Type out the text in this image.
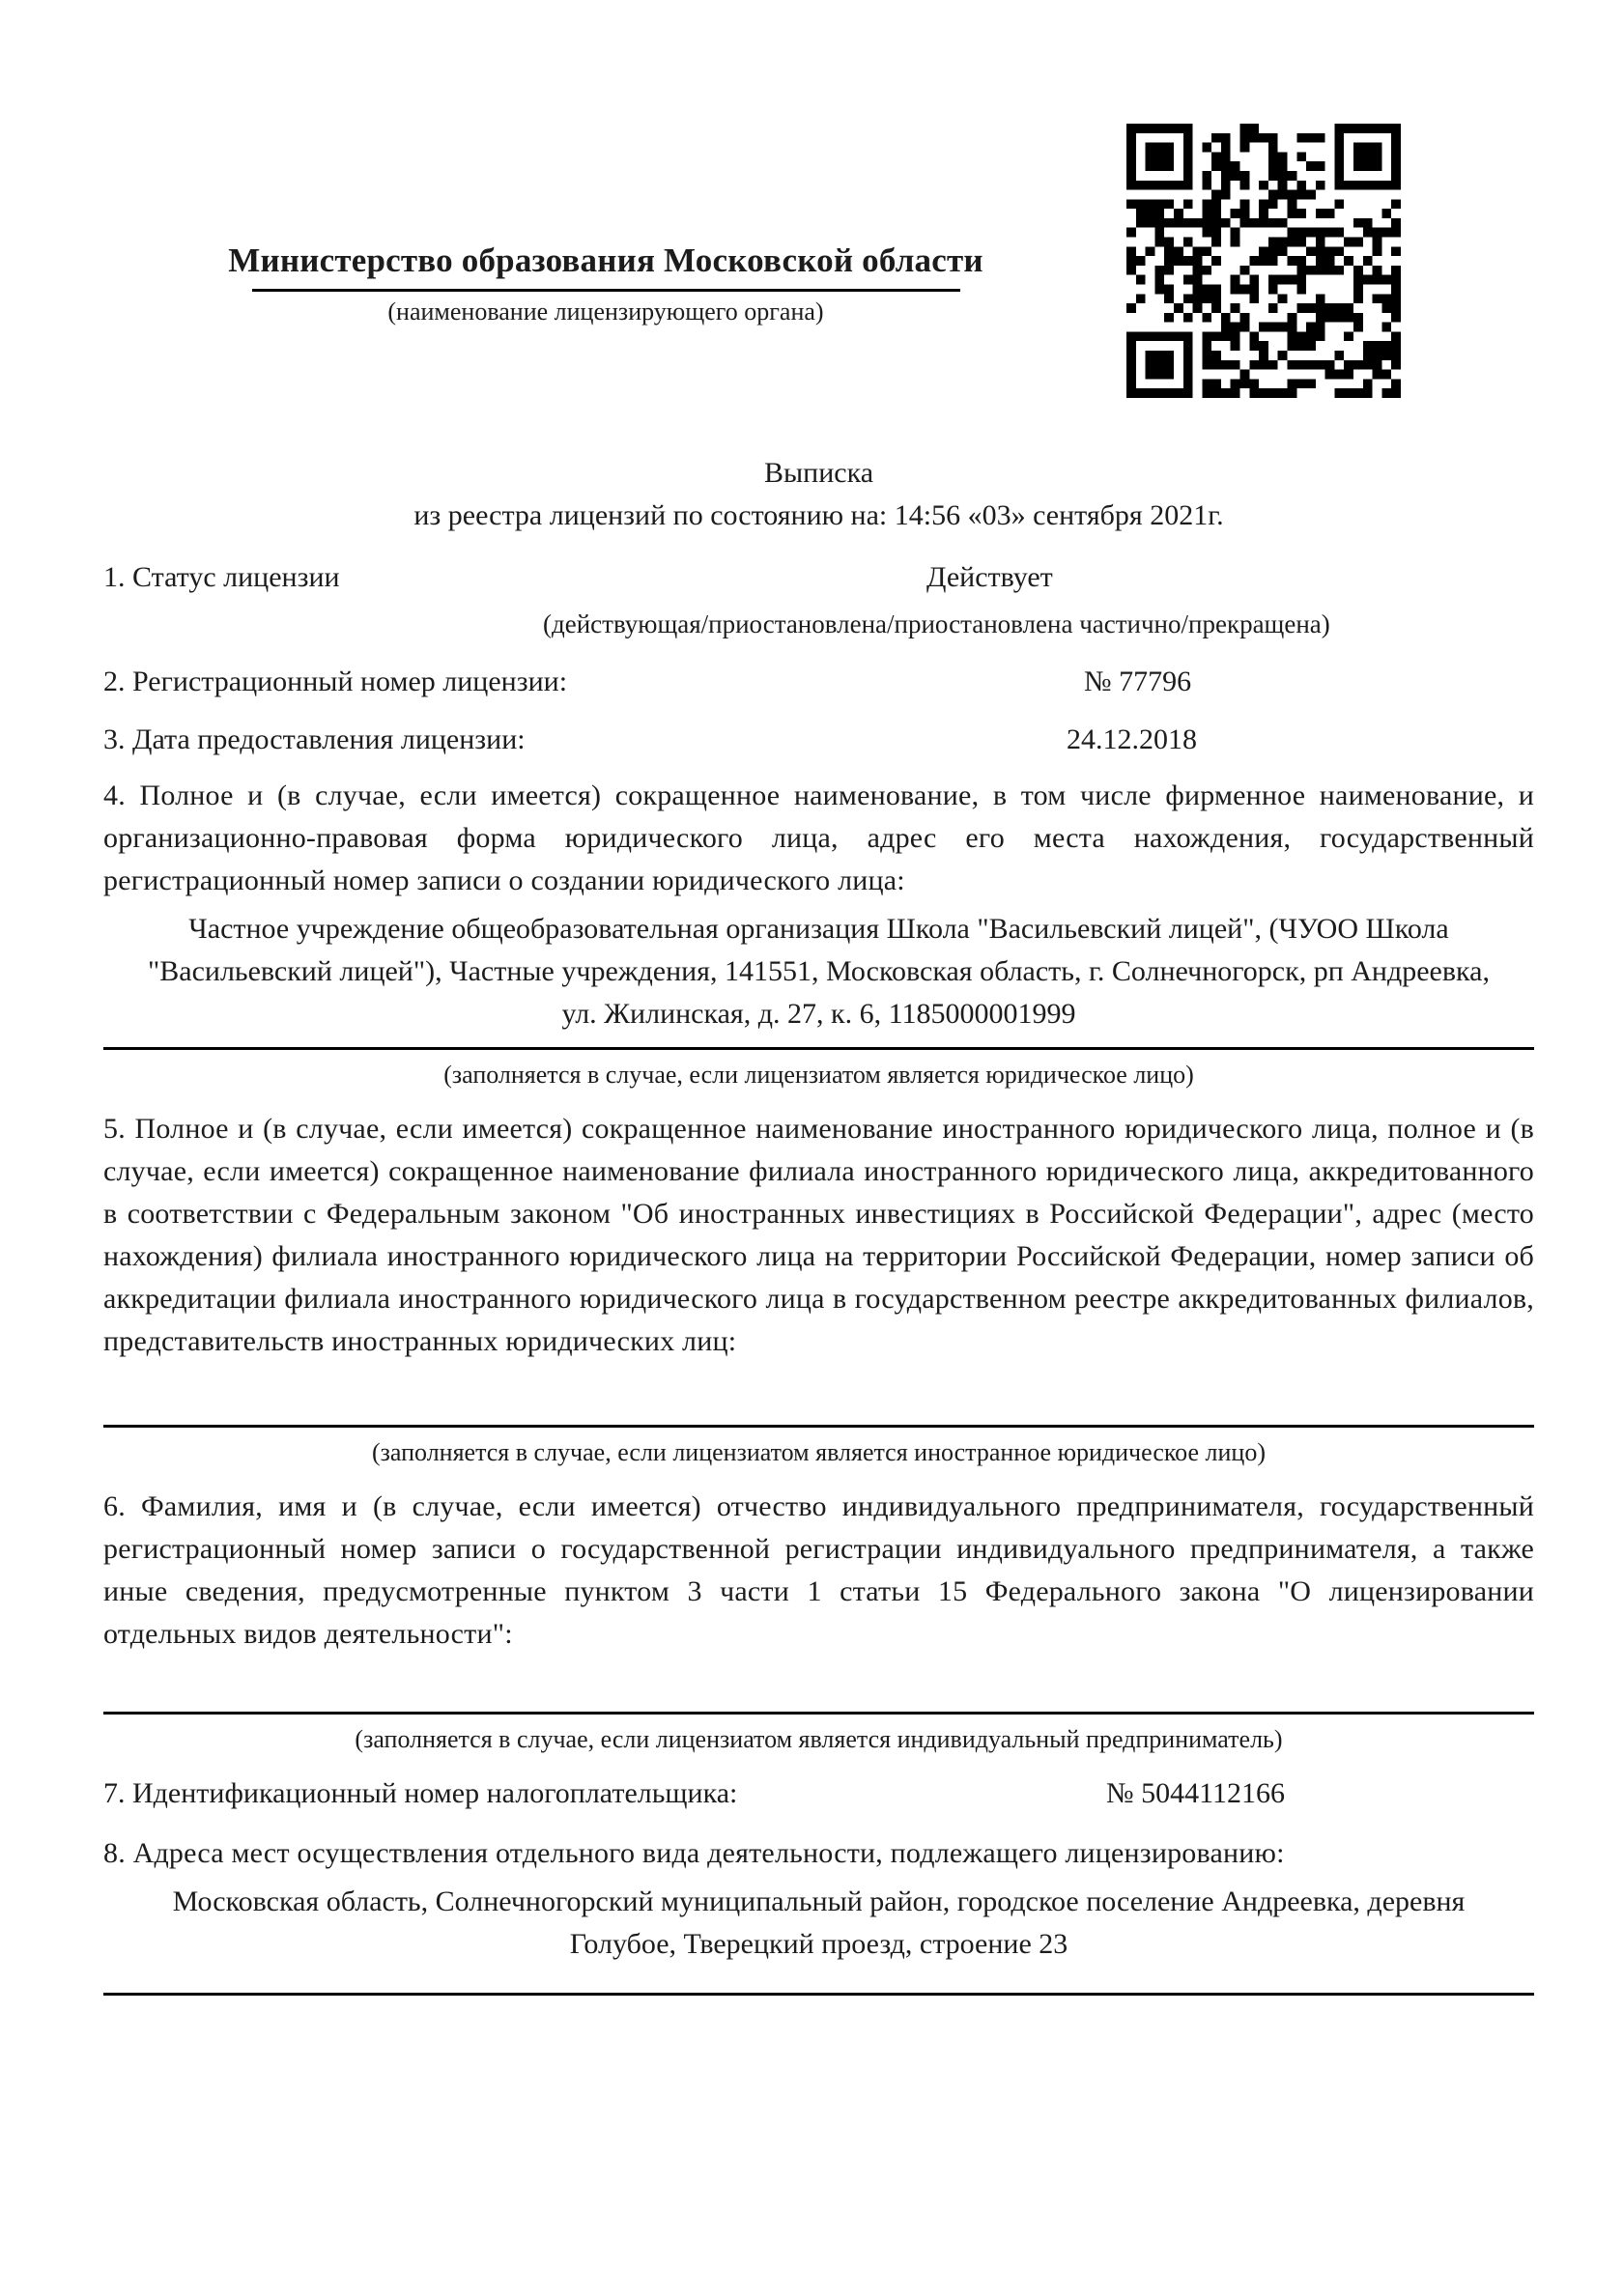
Министерство образования Московской области
(наименование лицензирующего органа)
Выписка
из реестра лицензий по состоянию на: 14:56 «03» сентября 2021г.
1. Статус лицензии	Действует
(действующая/приостановлена/приостановлена частично/прекращена)
2. Регистрационный номер лицензии:	№ 77796
3. Дата предоставления лицензии:	24.12.2018
4. Полное и (в случае, если имеется) сокращенное наименование, в том числе фирменное наименование, и организационно-правовая форма юридического лица, адрес его места нахождения, государственный регистрационный номер записи о создании юридического лица:
Частное учреждение общеобразовательная организация Школа "Васильевский лицей", (ЧУОО Школа "Васильевский лицей"), Частные учреждения, 141551, Московская область, г. Солнечногорск, рп Андреевка, ул. Жилинская, д. 27, к. 6, 1185000001999
(заполняется в случае, если лицензиатом является юридическое лицо)
5. Полное и (в случае, если имеется) сокращенное наименование иностранного юридического лица, полное и (в случае, если имеется) сокращенное наименование филиала иностранного юридического лица, аккредитованного в соответствии с Федеральным законом "Об иностранных инвестициях в Российской Федерации", адрес (место нахождения) филиала иностранного юридического лица на территории Российской Федерации, номер записи об аккредитации филиала иностранного юридического лица в государственном реестре аккредитованных филиалов, представительств иностранных юридических лиц:
(заполняется в случае, если лицензиатом является иностранное юридическое лицо)
6. Фамилия, имя и (в случае, если имеется) отчество индивидуального предпринимателя, государственный регистрационный номер записи о государственной регистрации индивидуального предпринимателя, а также иные сведения, предусмотренные пунктом 3 части 1 статьи 15 Федерального закона "О лицензировании отдельных видов деятельности":
(заполняется в случае, если лицензиатом является индивидуальный предприниматель)
7. Идентификационный номер налогоплательщика:	№ 5044112166
8. Адреса мест осуществления отдельного вида деятельности, подлежащего лицензированию:
Московская область, Солнечногорский муниципальный район, городское поселение Андреевка, деревня Голубое, Тверецкий проезд, строение 23
